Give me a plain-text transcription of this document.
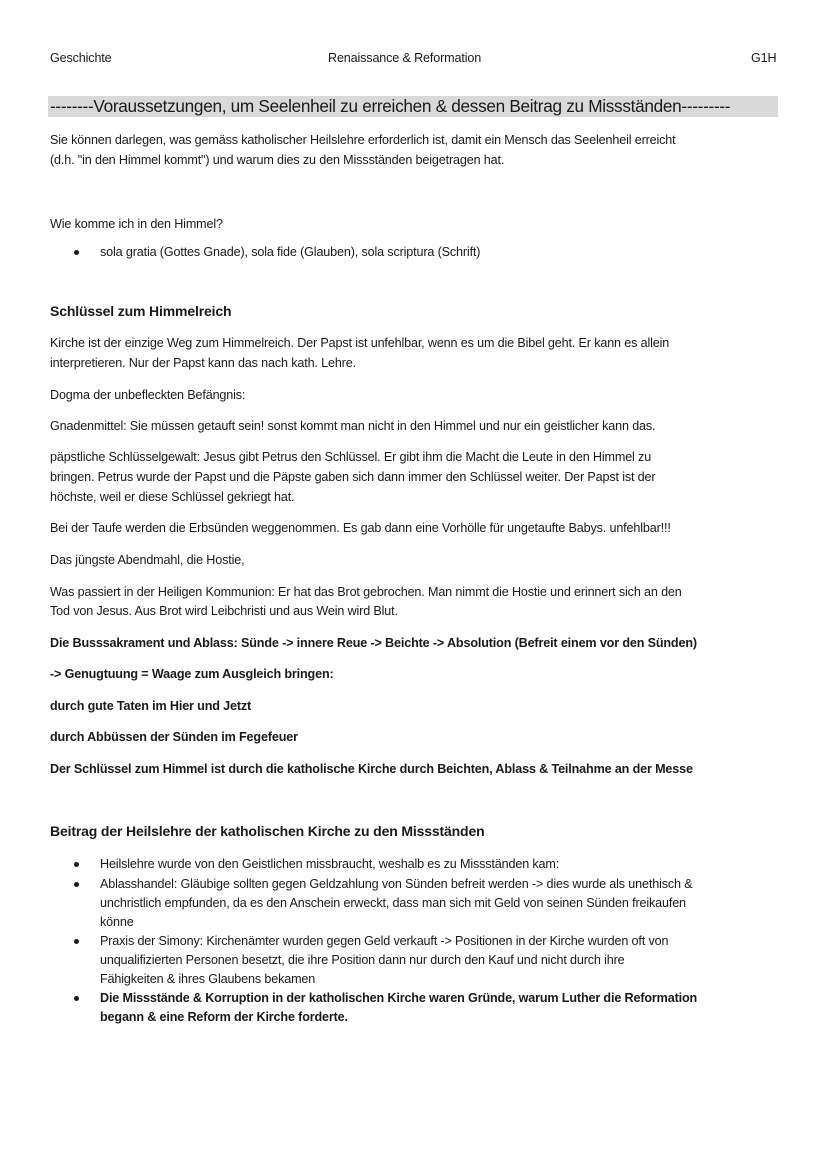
Geschichte	Renaissance & Reformation	G1H
--------Voraussetzungen, um Seelenheil zu erreichen & dessen Beitrag zu Missständen---------
Sie können darlegen, was gemäss katholischer Heilslehre erforderlich ist, damit ein Mensch das Seelenheil erreicht
(d.h. "in den Himmel kommt") und warum dies zu den Missständen beigetragen hat.
Wie komme ich in den Himmel?
sola gratia (Gottes Gnade), sola fide (Glauben), sola scriptura (Schrift)
Schlüssel zum Himmelreich
Kirche ist der einzige Weg zum Himmelreich. Der Papst ist unfehlbar, wenn es um die Bibel geht. Er kann es allein
interpretieren. Nur der Papst kann das nach kath. Lehre.
Dogma der unbefleckten Befängnis:
Gnadenmittel: Sie müssen getauft sein! sonst kommt man nicht in den Himmel und nur ein geistlicher kann das.
päpstliche Schlüsselgewalt: Jesus gibt Petrus den Schlüssel. Er gibt ihm die Macht die Leute in den Himmel zu
bringen. Petrus wurde der Papst und die Päpste gaben sich dann immer den Schlüssel weiter. Der Papst ist der
höchste, weil er diese Schlüssel gekriegt hat.
Bei der Taufe werden die Erbsünden weggenommen. Es gab dann eine Vorhölle für ungetaufte Babys. unfehlbar!!!
Das jüngste Abendmahl, die Hostie,
Was passiert in der Heiligen Kommunion: Er hat das Brot gebrochen. Man nimmt die Hostie und erinnert sich an den
Tod von Jesus. Aus Brot wird Leibchristi und aus Wein wird Blut.
Die Busssakrament und Ablass: Sünde -> innere Reue -> Beichte -> Absolution (Befreit einem vor den Sünden)
-> Genugtuung = Waage zum Ausgleich bringen:
durch gute Taten im Hier und Jetzt
durch Abbüssen der Sünden im Fegefeuer
Der Schlüssel zum Himmel ist durch die katholische Kirche durch Beichten, Ablass & Teilnahme an der Messe
Beitrag der Heilslehre der katholischen Kirche zu den Missständen
Heilslehre wurde von den Geistlichen missbraucht, weshalb es zu Missständen kam:
Ablasshandel: Gläubige sollten gegen Geldzahlung von Sünden befreit werden -> dies wurde als unethisch &
unchristlich empfunden, da es den Anschein erweckt, dass man sich mit Geld von seinen Sünden freikaufen
könne
Praxis der Simony: Kirchenämter wurden gegen Geld verkauft -> Positionen in der Kirche wurden oft von
unqualifizierten Personen besetzt, die ihre Position dann nur durch den Kauf und nicht durch ihre
Fähigkeiten & ihres Glaubens bekamen
Die Missstände & Korruption in der katholischen Kirche waren Gründe, warum Luther die Reformation
begann & eine Reform der Kirche forderte.
